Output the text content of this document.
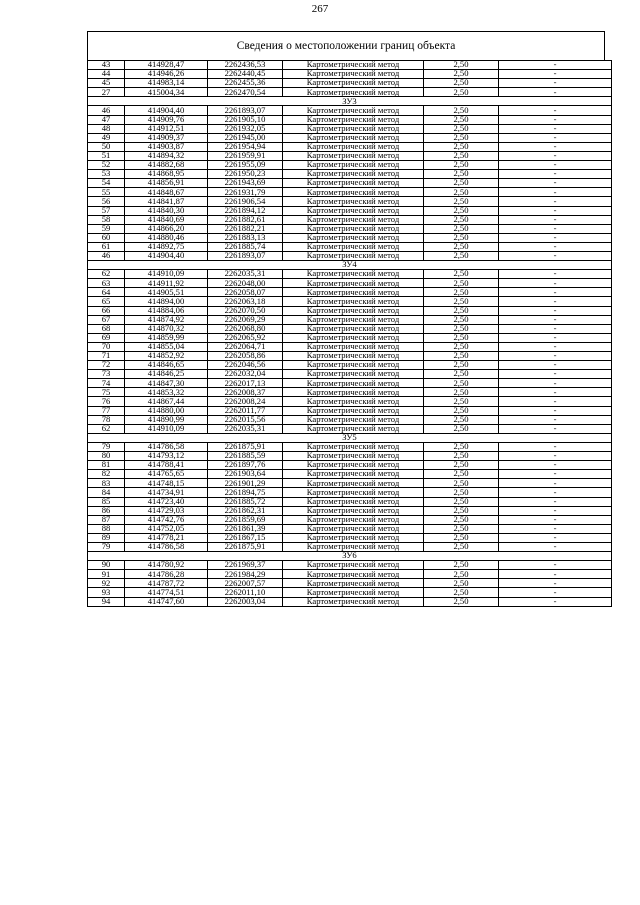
267
Сведения о местоположении границ объекта
43	414928,47	2262436,53	Картометрический метод	2,50	-
44	414946,26	2262440,45	Картометрический метод	2,50	-
45	414983,14	2262455,36	Картометрический метод	2,50	-
27	415004,34	2262470,54	Картометрический метод	2,50	-
ЗУ3					
46	414904,40	2261893,07	Картометрический метод	2,50	-
47	414909,76	2261905,10	Картометрический метод	2,50	-
48	414912,51	2261932,05	Картометрический метод	2,50	-
49	414909,37	2261945,00	Картометрический метод	2,50	-
50	414903,87	2261954,94	Картометрический метод	2,50	-
51	414894,32	2261959,91	Картометрический метод	2,50	-
52	414882,68	2261955,09	Картометрический метод	2,50	-
53	414868,95	2261950,23	Картометрический метод	2,50	-
54	414856,91	2261943,69	Картометрический метод	2,50	-
55	414848,67	2261931,79	Картометрический метод	2,50	-
56	414841,87	2261906,54	Картометрический метод	2,50	-
57	414840,30	2261894,12	Картометрический метод	2,50	-
58	414840,69	2261882,61	Картометрический метод	2,50	-
59	414866,20	2261882,21	Картометрический метод	2,50	-
60	414880,46	2261883,13	Картометрический метод	2,50	-
61	414892,75	2261885,74	Картометрический метод	2,50	-
46	414904,40	2261893,07	Картометрический метод	2,50	-
ЗУ4					
62	414910,09	2262035,31	Картометрический метод	2,50	-
63	414911,92	2262048,00	Картометрический метод	2,50	-
64	414905,51	2262058,07	Картометрический метод	2,50	-
65	414894,00	2262063,18	Картометрический метод	2,50	-
66	414884,06	2262070,50	Картометрический метод	2,50	-
67	414874,92	2262069,29	Картометрический метод	2,50	-
68	414870,32	2262068,80	Картометрический метод	2,50	-
69	414859,99	2262065,92	Картометрический метод	2,50	-
70	414855,04	2262064,71	Картометрический метод	2,50	-
71	414852,92	2262058,86	Картометрический метод	2,50	-
72	414846,65	2262046,56	Картометрический метод	2,50	-
73	414846,25	2262032,04	Картометрический метод	2,50	-
74	414847,30	2262017,13	Картометрический метод	2,50	-
75	414853,32	2262008,37	Картометрический метод	2,50	-
76	414867,44	2262008,24	Картометрический метод	2,50	-
77	414880,00	2262011,77	Картометрический метод	2,50	-
78	414890,99	2262015,56	Картометрический метод	2,50	-
62	414910,09	2262035,31	Картометрический метод	2,50	-
ЗУ5					
79	414786,58	2261875,91	Картометрический метод	2,50	-
80	414793,12	2261885,59	Картометрический метод	2,50	-
81	414788,41	2261897,76	Картометрический метод	2,50	-
82	414765,65	2261903,64	Картометрический метод	2,50	-
83	414748,15	2261901,29	Картометрический метод	2,50	-
84	414734,91	2261894,75	Картометрический метод	2,50	-
85	414723,40	2261885,72	Картометрический метод	2,50	-
86	414729,03	2261862,31	Картометрический метод	2,50	-
87	414742,76	2261859,69	Картометрический метод	2,50	-
88	414752,05	2261861,39	Картометрический метод	2,50	-
89	414778,21	2261867,15	Картометрический метод	2,50	-
79	414786,58	2261875,91	Картометрический метод	2,50	-
ЗУ6					
90	414780,92	2261969,37	Картометрический метод	2,50	-
91	414786,28	2261984,29	Картометрический метод	2,50	-
92	414787,72	2262007,57	Картометрический метод	2,50	-
93	414774,51	2262011,10	Картометрический метод	2,50	-
94	414747,60	2262003,04	Картометрический метод	2,50	-
